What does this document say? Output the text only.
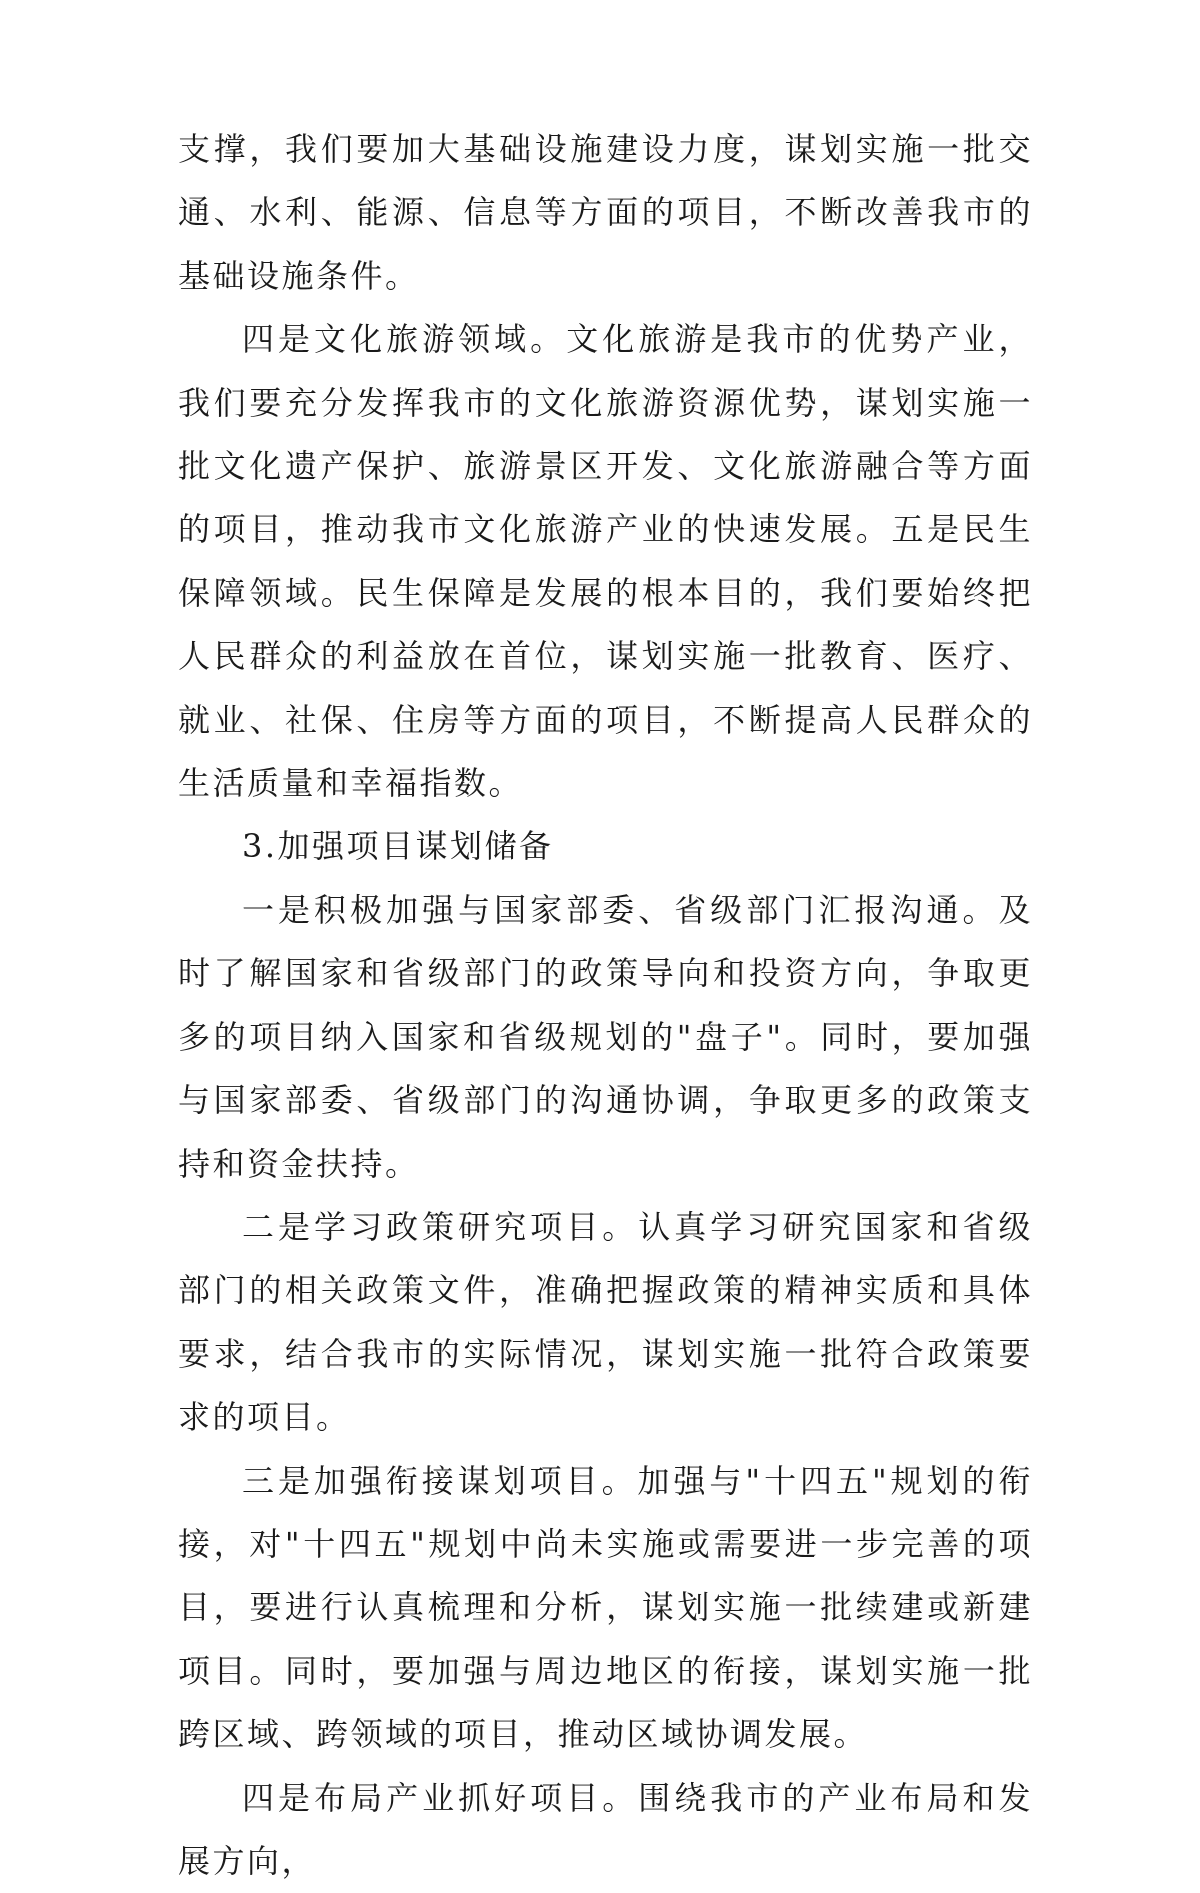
支撑，我们要加大基础设施建设力度，谋划实施一批交通、水利、能源、信息等方面的项目，不断改善我市的基础设施条件。

四是文化旅游领域。文化旅游是我市的优势产业，我们要充分发挥我市的文化旅游资源优势，谋划实施一批文化遗产保护、旅游景区开发、文化旅游融合等方面的项目，推动我市文化旅游产业的快速发展。五是民生保障领域。民生保障是发展的根本目的，我们要始终把人民群众的利益放在首位，谋划实施一批教育、医疗、就业、社保、住房等方面的项目，不断提高人民群众的生活质量和幸福指数。

3.加强项目谋划储备

一是积极加强与国家部委、省级部门汇报沟通。及时了解国家和省级部门的政策导向和投资方向，争取更多的项目纳入国家和省级规划的"盘子"。同时，要加强与国家部委、省级部门的沟通协调，争取更多的政策支持和资金扶持。

二是学习政策研究项目。认真学习研究国家和省级部门的相关政策文件，准确把握政策的精神实质和具体要求，结合我市的实际情况，谋划实施一批符合政策要求的项目。

三是加强衔接谋划项目。加强与"十四五"规划的衔接，对"十四五"规划中尚未实施或需要进一步完善的项目，要进行认真梳理和分析，谋划实施一批续建或新建项目。同时，要加强与周边地区的衔接，谋划实施一批跨区域、跨领域的项目，推动区域协调发展。

四是布局产业抓好项目。围绕我市的产业布局和发展方向，
